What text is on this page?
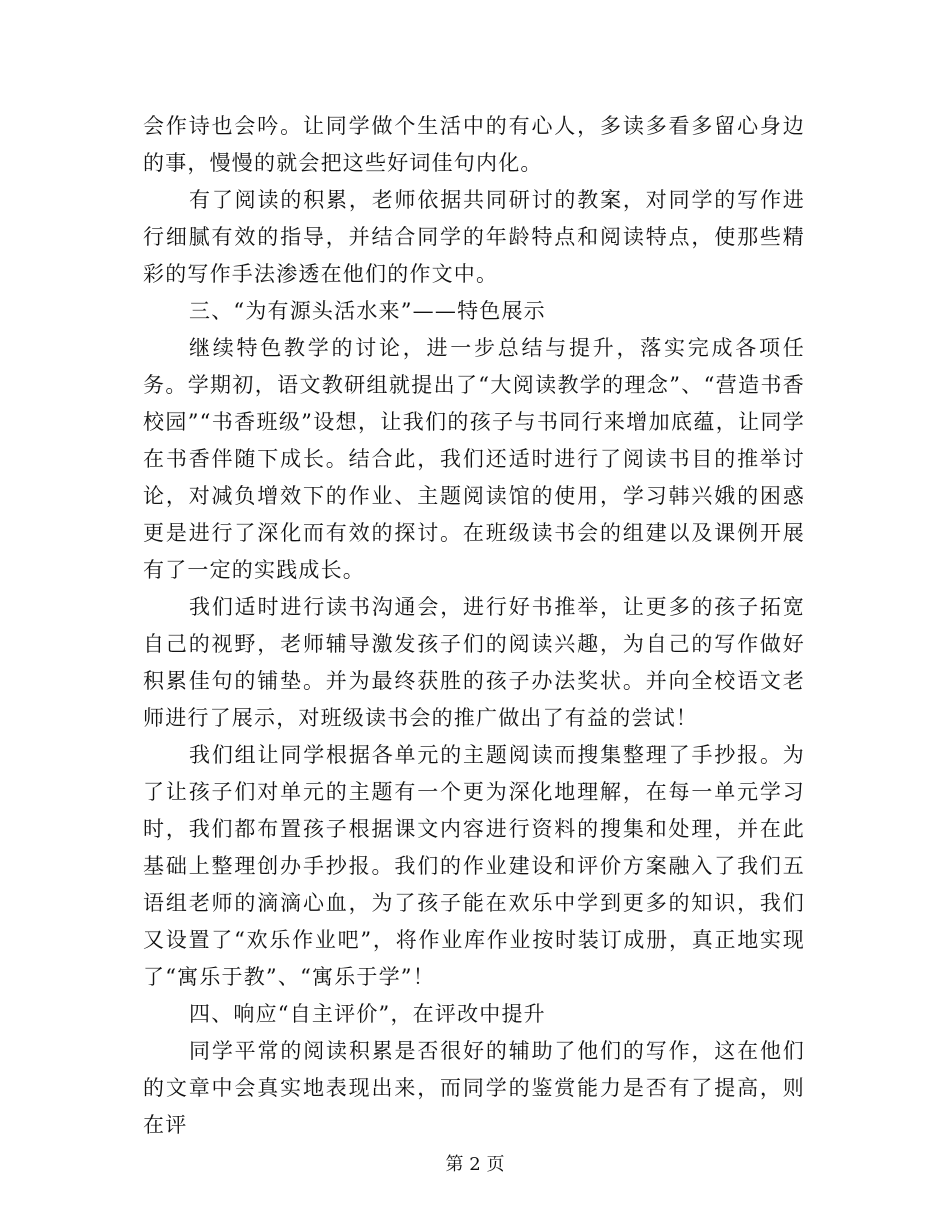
会作诗也会吟。让同学做个生活中的有心人，多读多看多留心身边的事，慢慢的就会把这些好词佳句内化。

有了阅读的积累，老师依据共同研讨的教案，对同学的写作进行细腻有效的指导，并结合同学的年龄特点和阅读特点，使那些精彩的写作手法渗透在他们的作文中。

三、“为有源头活水来”——特色展示

继续特色教学的讨论，进一步总结与提升，落实完成各项任务。学期初，语文教研组就提出了“大阅读教学的理念”、“营造书香校园”“书香班级”设想，让我们的孩子与书同行来增加底蕴，让同学在书香伴随下成长。结合此，我们还适时进行了阅读书目的推举讨论，对减负增效下的作业、主题阅读馆的使用，学习韩兴娥的困惑更是进行了深化而有效的探讨。在班级读书会的组建以及课例开展有了一定的实践成长。

我们适时进行读书沟通会，进行好书推举，让更多的孩子拓宽自己的视野，老师辅导激发孩子们的阅读兴趣，为自己的写作做好积累佳句的铺垫。并为最终获胜的孩子办法奖状。并向全校语文老师进行了展示，对班级读书会的推广做出了有益的尝试！

我们组让同学根据各单元的主题阅读而搜集整理了手抄报。为了让孩子们对单元的主题有一个更为深化地理解，在每一单元学习时，我们都布置孩子根据课文内容进行资料的搜集和处理，并在此基础上整理创办手抄报。我们的作业建设和评价方案融入了我们五语组老师的滴滴心血，为了孩子能在欢乐中学到更多的知识，我们又设置了“欢乐作业吧”，将作业库作业按时装订成册，真正地实现了“寓乐于教”、“寓乐于学”！

四、响应“自主评价”，在评改中提升

同学平常的阅读积累是否很好的辅助了他们的写作，这在他们的文章中会真实地表现出来，而同学的鉴赏能力是否有了提高，则在评

第 2 页
